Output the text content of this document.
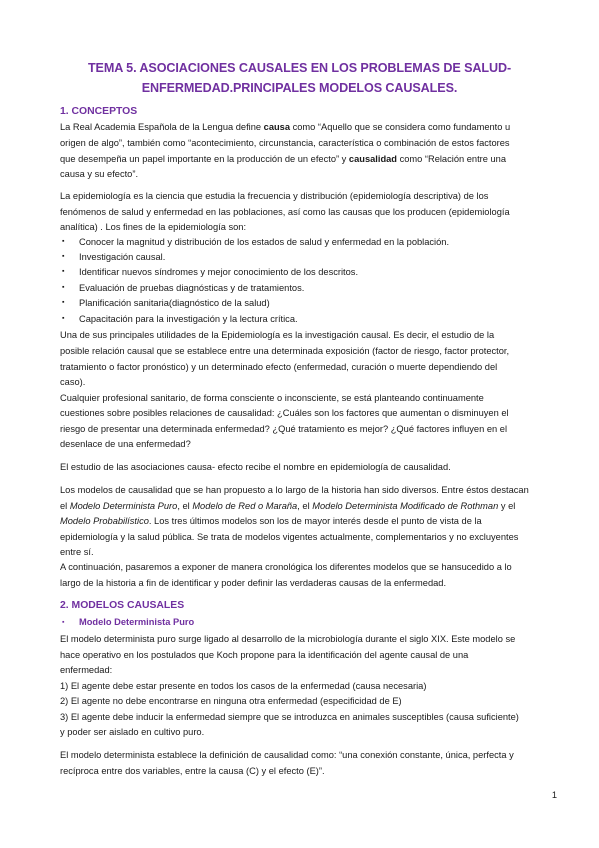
TEMA 5. ASOCIACIONES CAUSALES EN LOS PROBLEMAS DE SALUD-
ENFERMEDAD.PRINCIPALES MODELOS CAUSALES.
1. CONCEPTOS
La Real Academia Española de la Lengua define causa como “Aquello que se considera como fundamento u
origen de algo”, también como “acontecimiento, circunstancia, característica o combinación de estos factores
que desempeña un papel importante en la producción de un efecto” y causalidad como “Relación entre una
causa y su efecto”.
La epidemiología es la ciencia que estudia la frecuencia y distribución (epidemiología descriptiva) de los
fenómenos de salud y enfermedad en las poblaciones, así como las causas que los producen (epidemiología
analítica) . Los fines de la epidemiología son:
▪ Conocer la magnitud y distribución de los estados de salud y enfermedad en la población.
▪ Investigación causal.
▪ Identificar nuevos síndromes y mejor conocimiento de los descritos.
▪ Evaluación de pruebas diagnósticas y de tratamientos.
▪ Planificación sanitaria(diagnóstico de la salud)
▪ Capacitación para la investigación y la lectura crítica.
Una de sus principales utilidades de la Epidemiología es la investigación causal. Es decir, el estudio de la
posible relación causal que se establece entre una determinada exposición (factor de riesgo, factor protector,
tratamiento o factor pronóstico) y un determinado efecto (enfermedad, curación o muerte dependiendo del
caso).
Cualquier profesional sanitario, de forma consciente o inconsciente, se está planteando continuamente
cuestiones sobre posibles relaciones de causalidad: ¿Cuáles son los factores que aumentan o disminuyen el
riesgo de presentar una determinada enfermedad? ¿Qué tratamiento es mejor? ¿Qué factores influyen en el
desenlace de una enfermedad?
El estudio de las asociaciones causa- efecto recibe el nombre en epidemiología de causalidad.
Los modelos de causalidad que se han propuesto a lo largo de la historia han sido diversos. Entre éstos destacan
el Modelo Determinista Puro, el Modelo de Red o Maraña, el Modelo Determinista Modificado de Rothman y el
Modelo Probabilístico. Los tres últimos modelos son los de mayor interés desde el punto de vista de la
epidemiología y la salud pública. Se trata de modelos vigentes actualmente, complementarios y no excluyentes
entre sí.
A continuación, pasaremos a exponer de manera cronológica los diferentes modelos que se hansucedido a lo
largo de la historia a fin de identificar y poder definir las verdaderas causas de la enfermedad.
2. MODELOS CAUSALES
▪ Modelo Determinista Puro
El modelo determinista puro surge ligado al desarrollo de la microbiología durante el siglo XIX. Este modelo se
hace operativo en los postulados que Koch propone para la identificación del agente causal de una
enfermedad:
1) El agente debe estar presente en todos los casos de la enfermedad (causa necesaria)
2) El agente no debe encontrarse en ninguna otra enfermedad (especificidad de E)
3) El agente debe inducir la enfermedad siempre que se introduzca en animales susceptibles (causa suficiente)
y poder ser aislado en cultivo puro.
El modelo determinista establece la definición de causalidad como: “una conexión constante, única, perfecta y
recíproca entre dos variables, entre la causa (C) y el efecto (E)”.
1
